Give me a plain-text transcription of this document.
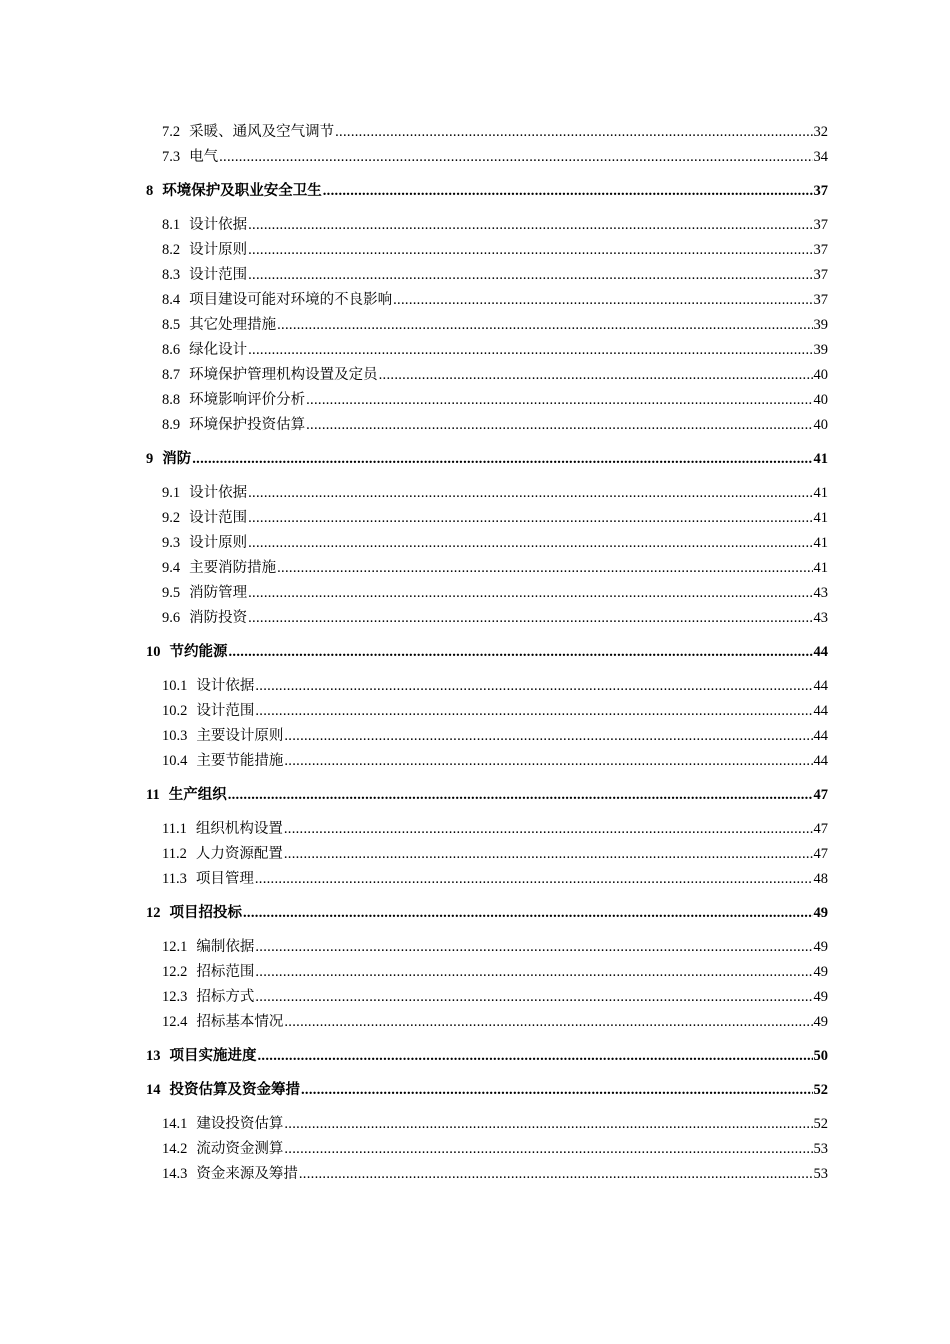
7.2 采暖、通风及空气调节 .....	32
7.3 电气 .....	34
8 环境保护及职业安全卫生 .....	37
8.1 设计依据 .....	37
8.2 设计原则 .....	37
8.3 设计范围 .....	37
8.4 项目建设可能对环境的不良影响 .....	37
8.5 其它处理措施 .....	39
8.6 绿化设计 .....	39
8.7 环境保护管理机构设置及定员 .....	40
8.8 环境影响评价分析 .....	40
8.9 环境保护投资估算 .....	40
9 消防 .....	41
9.1 设计依据 .....	41
9.2 设计范围 .....	41
9.3 设计原则 .....	41
9.4 主要消防措施 .....	41
9.5 消防管理 .....	43
9.6 消防投资 .....	43
10 节约能源 .....	44
10.1 设计依据 .....	44
10.2 设计范围 .....	44
10.3 主要设计原则 .....	44
10.4 主要节能措施 .....	44
11 生产组织 .....	47
11.1 组织机构设置 .....	47
11.2 人力资源配置 .....	47
11.3 项目管理 .....	48
12 项目招投标 .....	49
12.1 编制依据 .....	49
12.2 招标范围 .....	49
12.3 招标方式 .....	49
12.4 招标基本情况 .....	49
13 项目实施进度 .....	50
14 投资估算及资金筹措 .....	52
14.1 建设投资估算 .....	52
14.2 流动资金测算 .....	53
14.3 资金来源及筹措 .....	53
